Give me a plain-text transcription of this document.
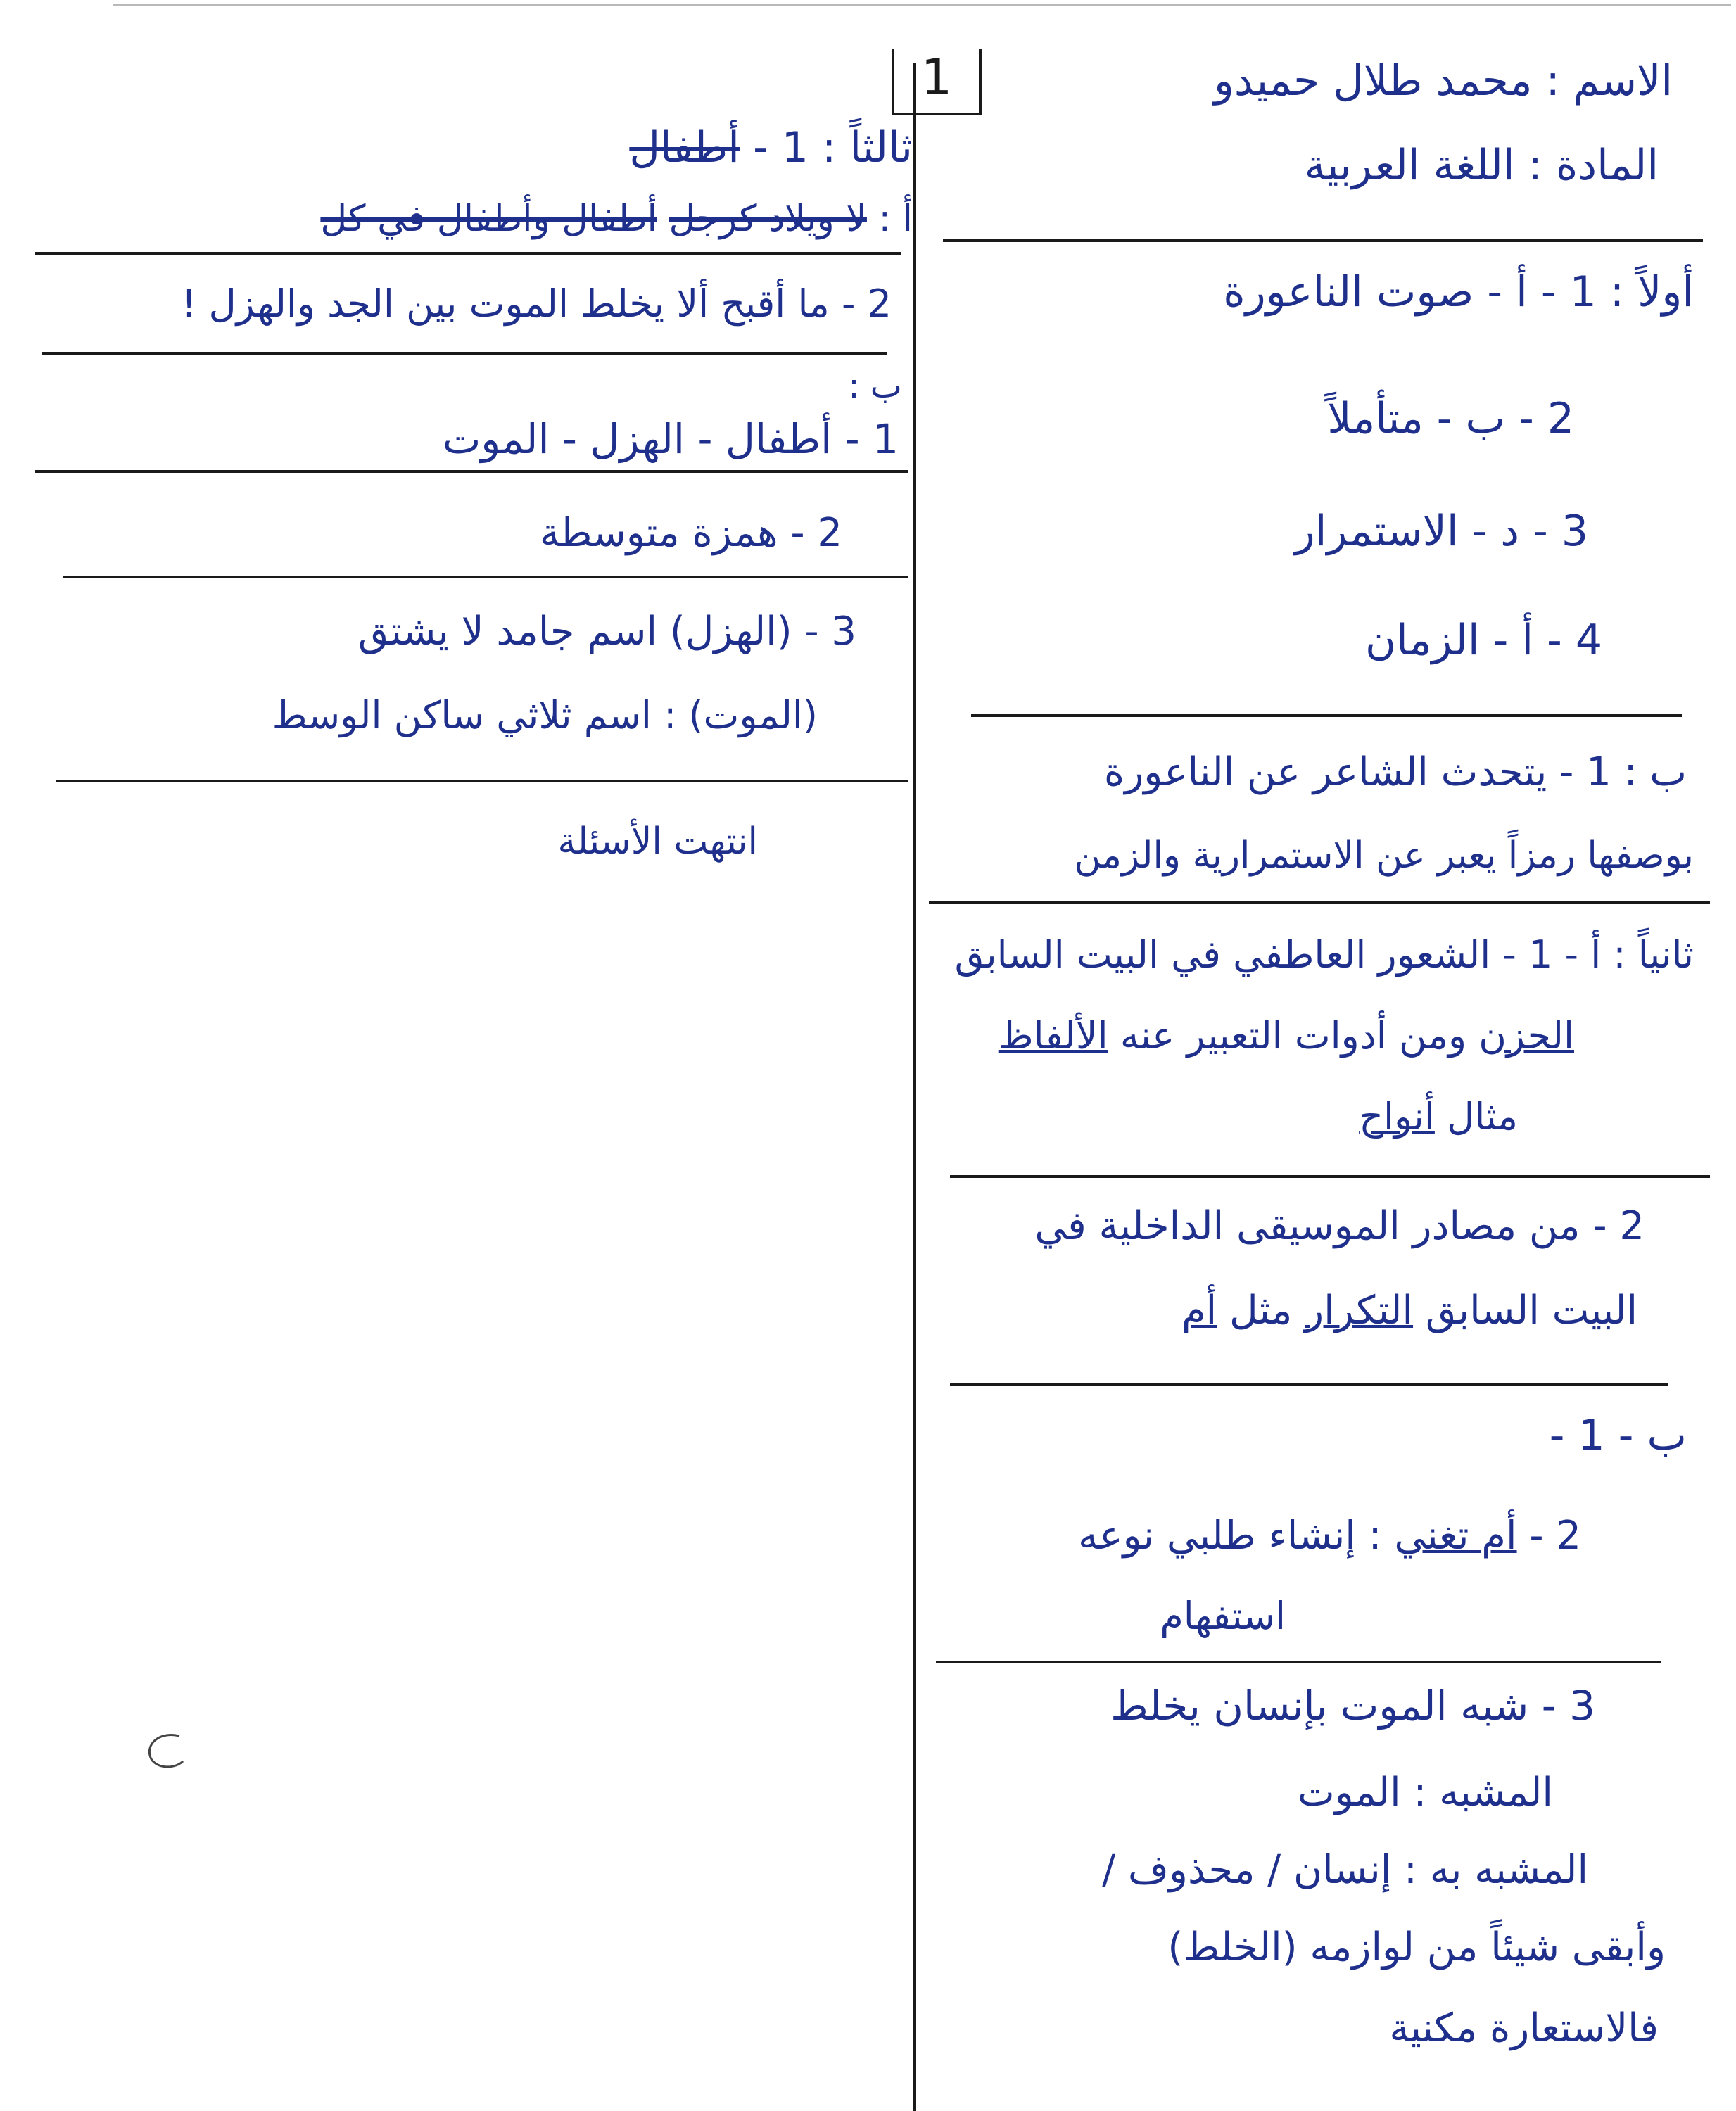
1	الاسم : محمد طلال حميدو
المادة : اللغة العربية
أولاً : 1 - أ - صوت الناعورة
2 - ب - متأملاً
3 - د - الاستمرار
4 - أ - الزمان
ب : 1 - يتحدث الشاعر عن الناعورة
بوصفها رمزاً يعبر عن الاستمرارية والزمن
ثانياً : أ - 1 - الشعور العاطفي في البيت السابق
الحزن ومن أدوات التعبير عنه الألفاظ
مثال أنواح
2 - من مصادر الموسيقى الداخلية في
البيت السابق التكرار مثل أم
ب - 1 -
2 - أم تغني : إنشاء طلبي نوعه
استفهام
3 - شبه الموت بإنسان يخلط
المشبه : الموت
المشبه به : إنسان / محذوف /
وأبقى شيئاً من لوازمه (الخلط)
فالاستعارة مكنية
ثالثاً : 1 - أطفال
أ : لا ويلاد كرجل أطفال وأطفال في كل
2 - ما أقبح ألا يخلط الموت بين الجد والهزل !
ب :
1 - أطفال - الهزل - الموت
2 - همزة متوسطة
3 - (الهزل) اسم جامد لا يشتق
(الموت) : اسم ثلاثي ساكن الوسط
انتهت الأسئلة
